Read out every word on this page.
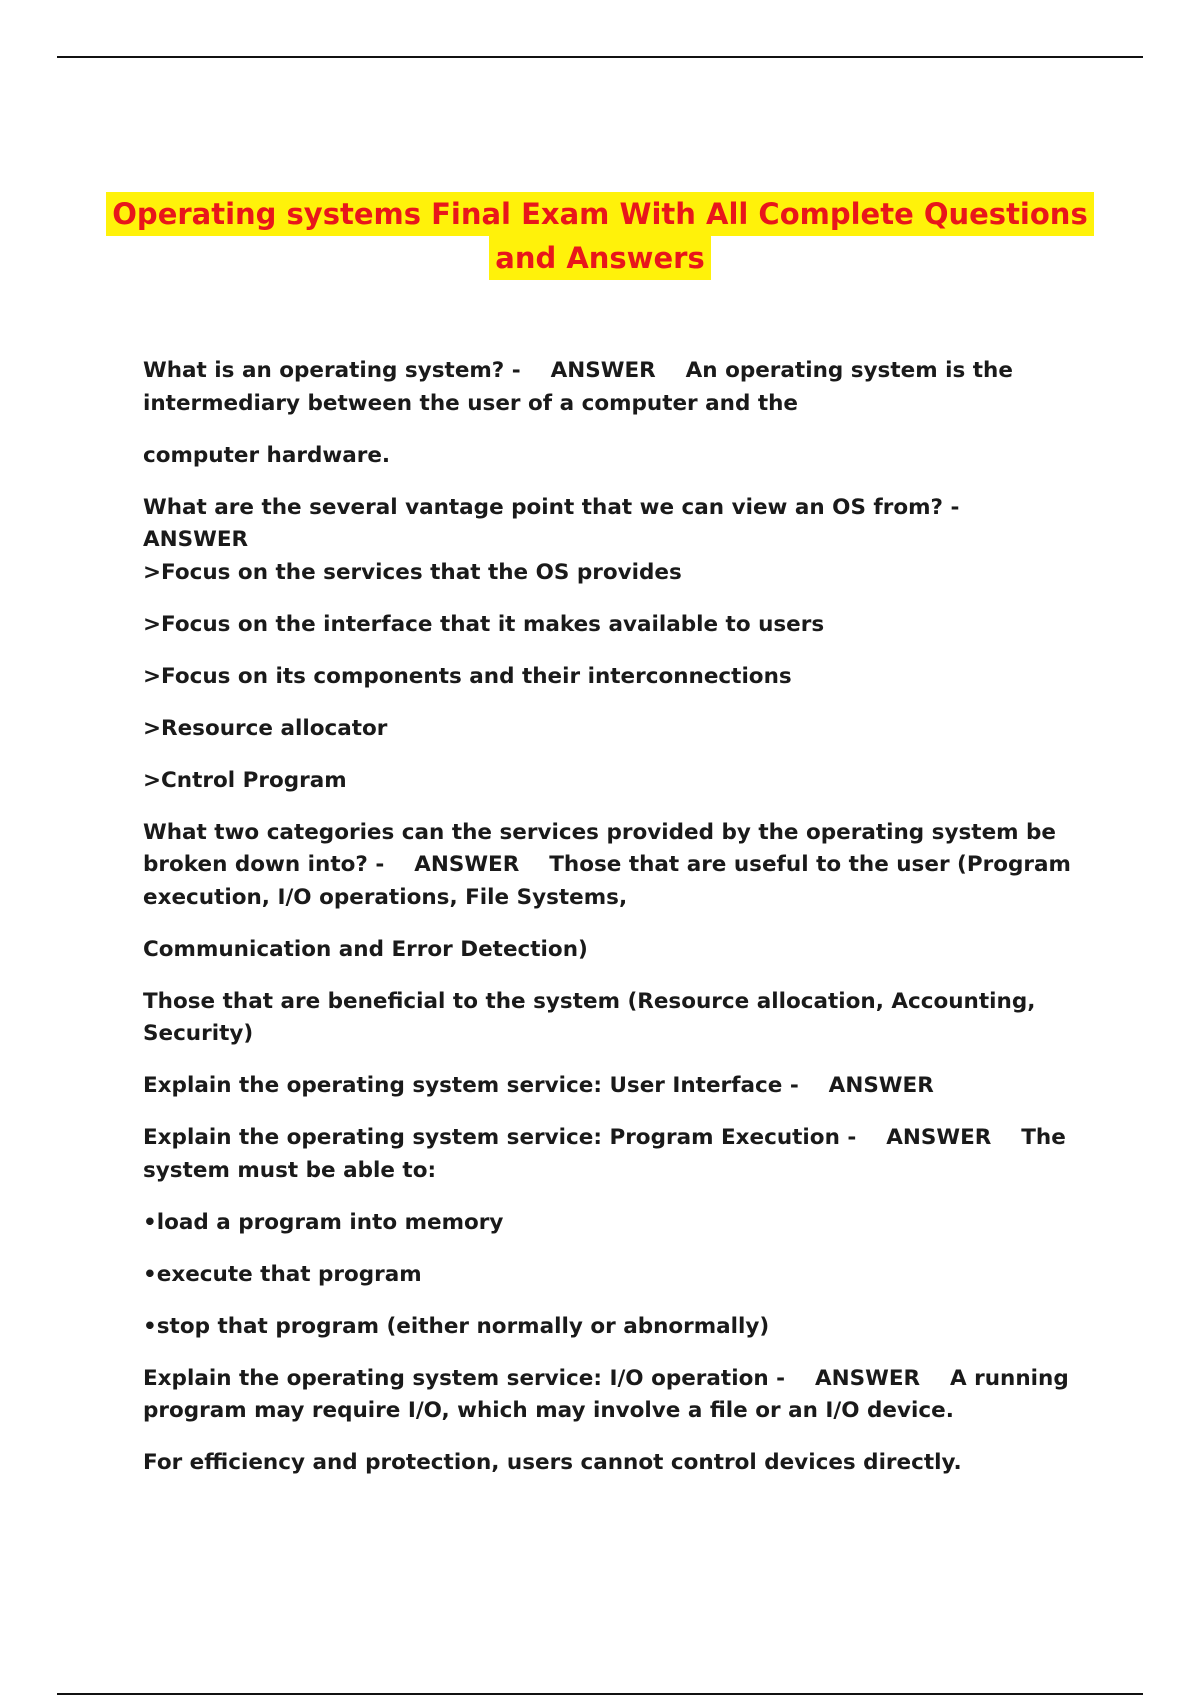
Operating systems Final Exam With All Complete Questions
and Answers

What is an operating system? -    ANSWER    An operating system is the
intermediary between the user of a computer and the

computer hardware.

What are the several vantage point that we can view an OS from? -    ANSWER
>Focus on the services that the OS provides

>Focus on the interface that it makes available to users

>Focus on its components and their interconnections

>Resource allocator

>Cntrol Program

What two categories can the services provided by the operating system be
broken down into? -    ANSWER    Those that are useful to the user (Program
execution, I/O operations, File Systems,

Communication and Error Detection)

Those that are beneficial to the system (Resource allocation, Accounting,
Security)

Explain the operating system service: User Interface -    ANSWER

Explain the operating system service: Program Execution -    ANSWER    The
system must be able to:

•load a program into memory

•execute that program

•stop that program (either normally or abnormally)

Explain the operating system service: I/O operation -    ANSWER    A running
program may require I/O, which may involve a file or an I/O device.

For efficiency and protection, users cannot control devices directly.
